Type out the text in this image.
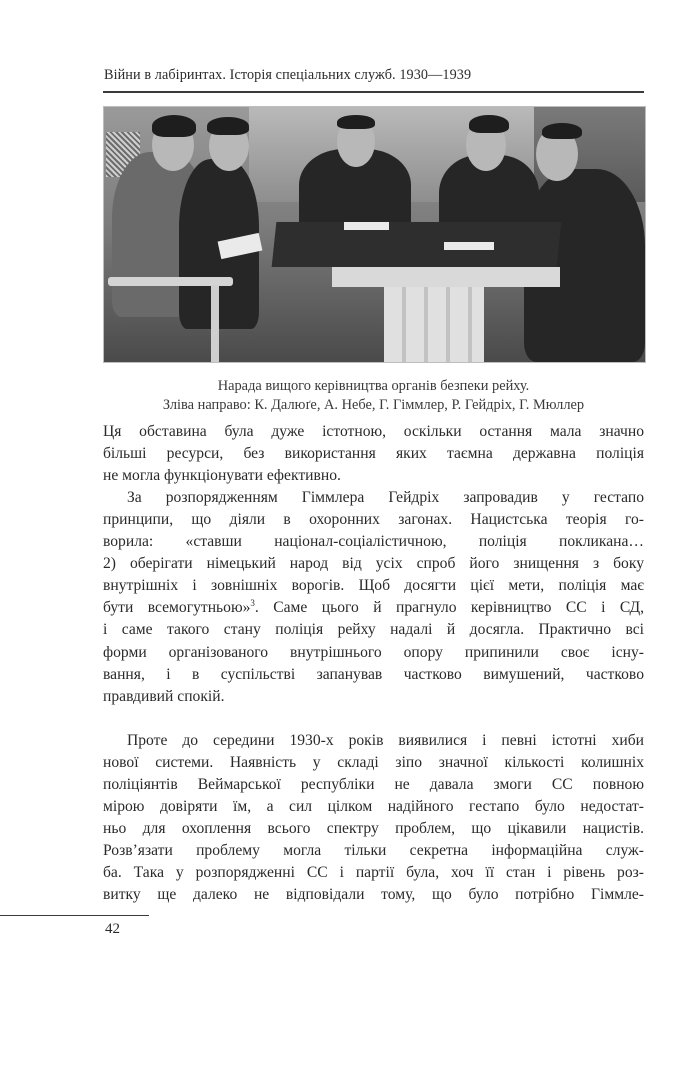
Війни в лабіринтах. Історія спеціальних служб. 1930—1939
Нарада вищого керівництва органів безпеки рейху.
Зліва направо: К. Далюґе, А. Небе, Г. Гіммлер, Р. Гейдріх, Г. Мюллер

Ця обставина була дуже істотною, оскільки остання мала значно
більші ресурси, без використання яких таємна державна поліція
не могла функціонувати ефективно.

За розпорядженням Гіммлера Гейдріх запровадив у гестапо
принципи, що діяли в охоронних загонах. Нацистська теорія го-
ворила: «ставши націонал-соціалістичною, поліція покликана…
2) оберігати німецький народ від усіх спроб його знищення з боку
внутрішніх і зовнішніх ворогів. Щоб досягти цієї мети, поліція має
бути всемогутньою»$^3$. Саме цього й прагнуло керівництво СС і СД,
і саме такого стану поліція рейху надалі й досягла. Практично всі
форми організованого внутрішнього опору припинили своє існу-
вання, і в суспільстві запанував частково вимушений, частково
правдивий спокій.

Проте до середини 1930-х років виявилися і певні істотні хиби
нової системи. Наявність у складі зіпо значної кількості колишніх
поліціянтів Веймарської республіки не давала змоги СС повною
мірою довіряти їм, а сил цілком надійного гестапо було недостат-
ньо для охоплення всього спектру проблем, що цікавили нацистів.
Розв’язати проблему могла тільки секретна інформаційна служ-
ба. Така у розпорядженні СС і партії була, хоч її стан і рівень роз-
витку ще далеко не відповідали тому, що було потрібно Гіммле-

42
